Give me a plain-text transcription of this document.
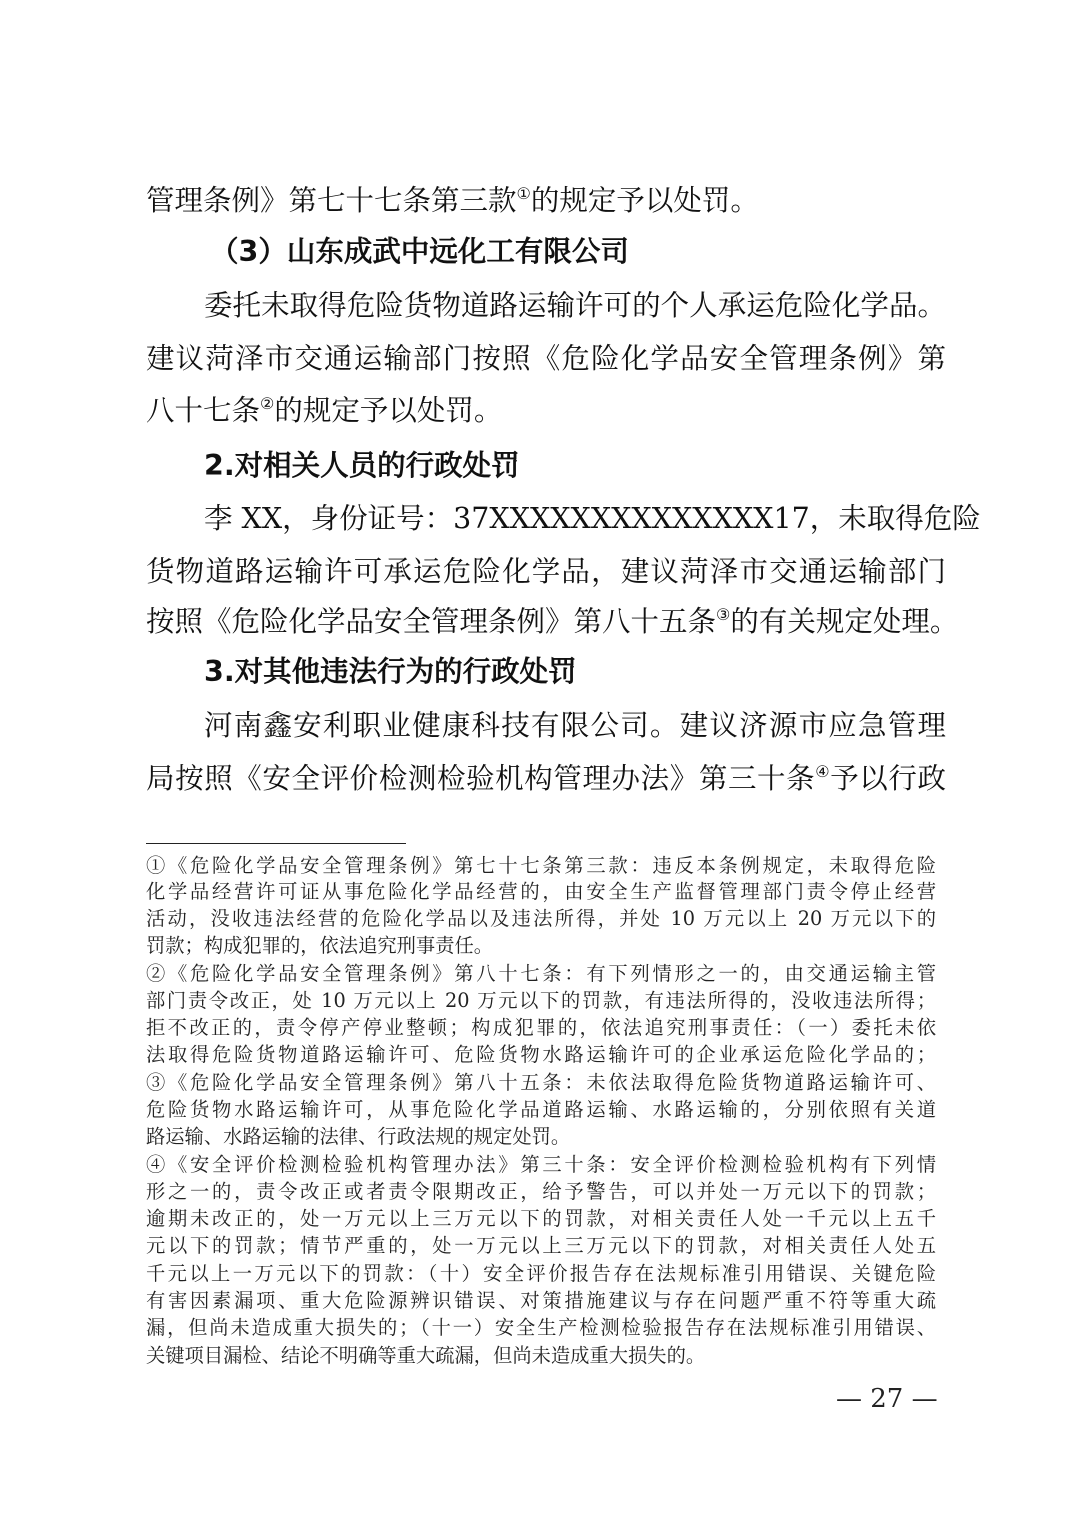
管理条例》第七十七条第三款①的规定予以处罚。
（3）山东成武中远化工有限公司
委托未取得危险货物道路运输许可的个人承运危险化学品。
建议菏泽市交通运输部门按照《危险化学品安全管理条例》第
八十七条②的规定予以处罚。
2.对相关人员的行政处罚
李 XX，身份证号：37XXXXXXXXXXXXXX17，未取得危险
货物道路运输许可承运危险化学品，建议菏泽市交通运输部门
按照《危险化学品安全管理条例》第八十五条③的有关规定处理。
3.对其他违法行为的行政处罚
河南鑫安利职业健康科技有限公司。建议济源市应急管理
局按照《安全评价检测检验机构管理办法》第三十条④予以行政
①《危险化学品安全管理条例》第七十七条第三款：违反本条例规定，未取得危险
化学品经营许可证从事危险化学品经营的，由安全生产监督管理部门责令停止经营
活动，没收违法经营的危险化学品以及违法所得，并处 10 万元以上 20 万元以下的
罚款；构成犯罪的，依法追究刑事责任。
②《危险化学品安全管理条例》第八十七条：有下列情形之一的，由交通运输主管
部门责令改正，处 10 万元以上 20 万元以下的罚款，有违法所得的，没收违法所得；
拒不改正的，责令停产停业整顿；构成犯罪的，依法追究刑事责任：（一）委托未依
法取得危险货物道路运输许可、危险货物水路运输许可的企业承运危险化学品的；
③《危险化学品安全管理条例》第八十五条：未依法取得危险货物道路运输许可、
危险货物水路运输许可，从事危险化学品道路运输、水路运输的，分别依照有关道
路运输、水路运输的法律、行政法规的规定处罚。
④《安全评价检测检验机构管理办法》第三十条：安全评价检测检验机构有下列情
形之一的，责令改正或者责令限期改正，给予警告，可以并处一万元以下的罚款；
逾期未改正的，处一万元以上三万元以下的罚款，对相关责任人处一千元以上五千
元以下的罚款；情节严重的，处一万元以上三万元以下的罚款，对相关责任人处五
千元以上一万元以下的罚款：（十）安全评价报告存在法规标准引用错误、关键危险
有害因素漏项、重大危险源辨识错误、对策措施建议与存在问题严重不符等重大疏
漏，但尚未造成重大损失的；（十一）安全生产检测检验报告存在法规标准引用错误、
关键项目漏检、结论不明确等重大疏漏，但尚未造成重大损失的。
— 27 —
